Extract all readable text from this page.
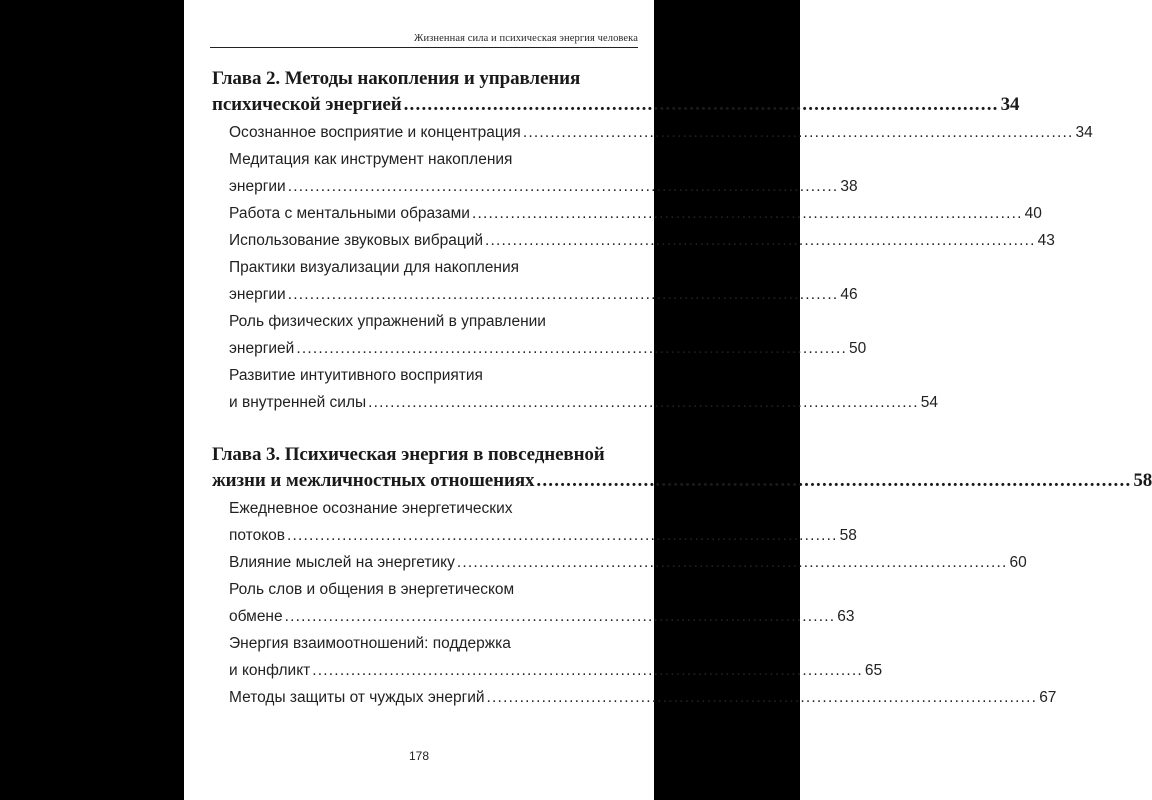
Жизненная сила и психическая энергия человека
Глава 2. Методы накопления и управления
психической энергией .................................................................................................... 34
Осознанное восприятие и концентрация .................................................................................................... 34
Медитация как инструмент накопления
энергии .................................................................................................... 38
Работа с ментальными образами .................................................................................................... 40
Использование звуковых вибраций .................................................................................................... 43
Практики визуализации для накопления
энергии .................................................................................................... 46
Роль физических упражнений в управлении
энергией .................................................................................................... 50
Развитие интуитивного восприятия
и внутренней силы .................................................................................................... 54
Глава 3. Психическая энергия в повседневной
жизни и межличностных отношениях .................................................................................................... 58
Ежедневное осознание энергетических
потоков .................................................................................................... 58
Влияние мыслей на энергетику .................................................................................................... 60
Роль слов и общения в энергетическом
обмене .................................................................................................... 63
Энергия взаимоотношений: поддержка
и конфликт .................................................................................................... 65
Методы защиты от чуждых энергий .................................................................................................... 67
178
